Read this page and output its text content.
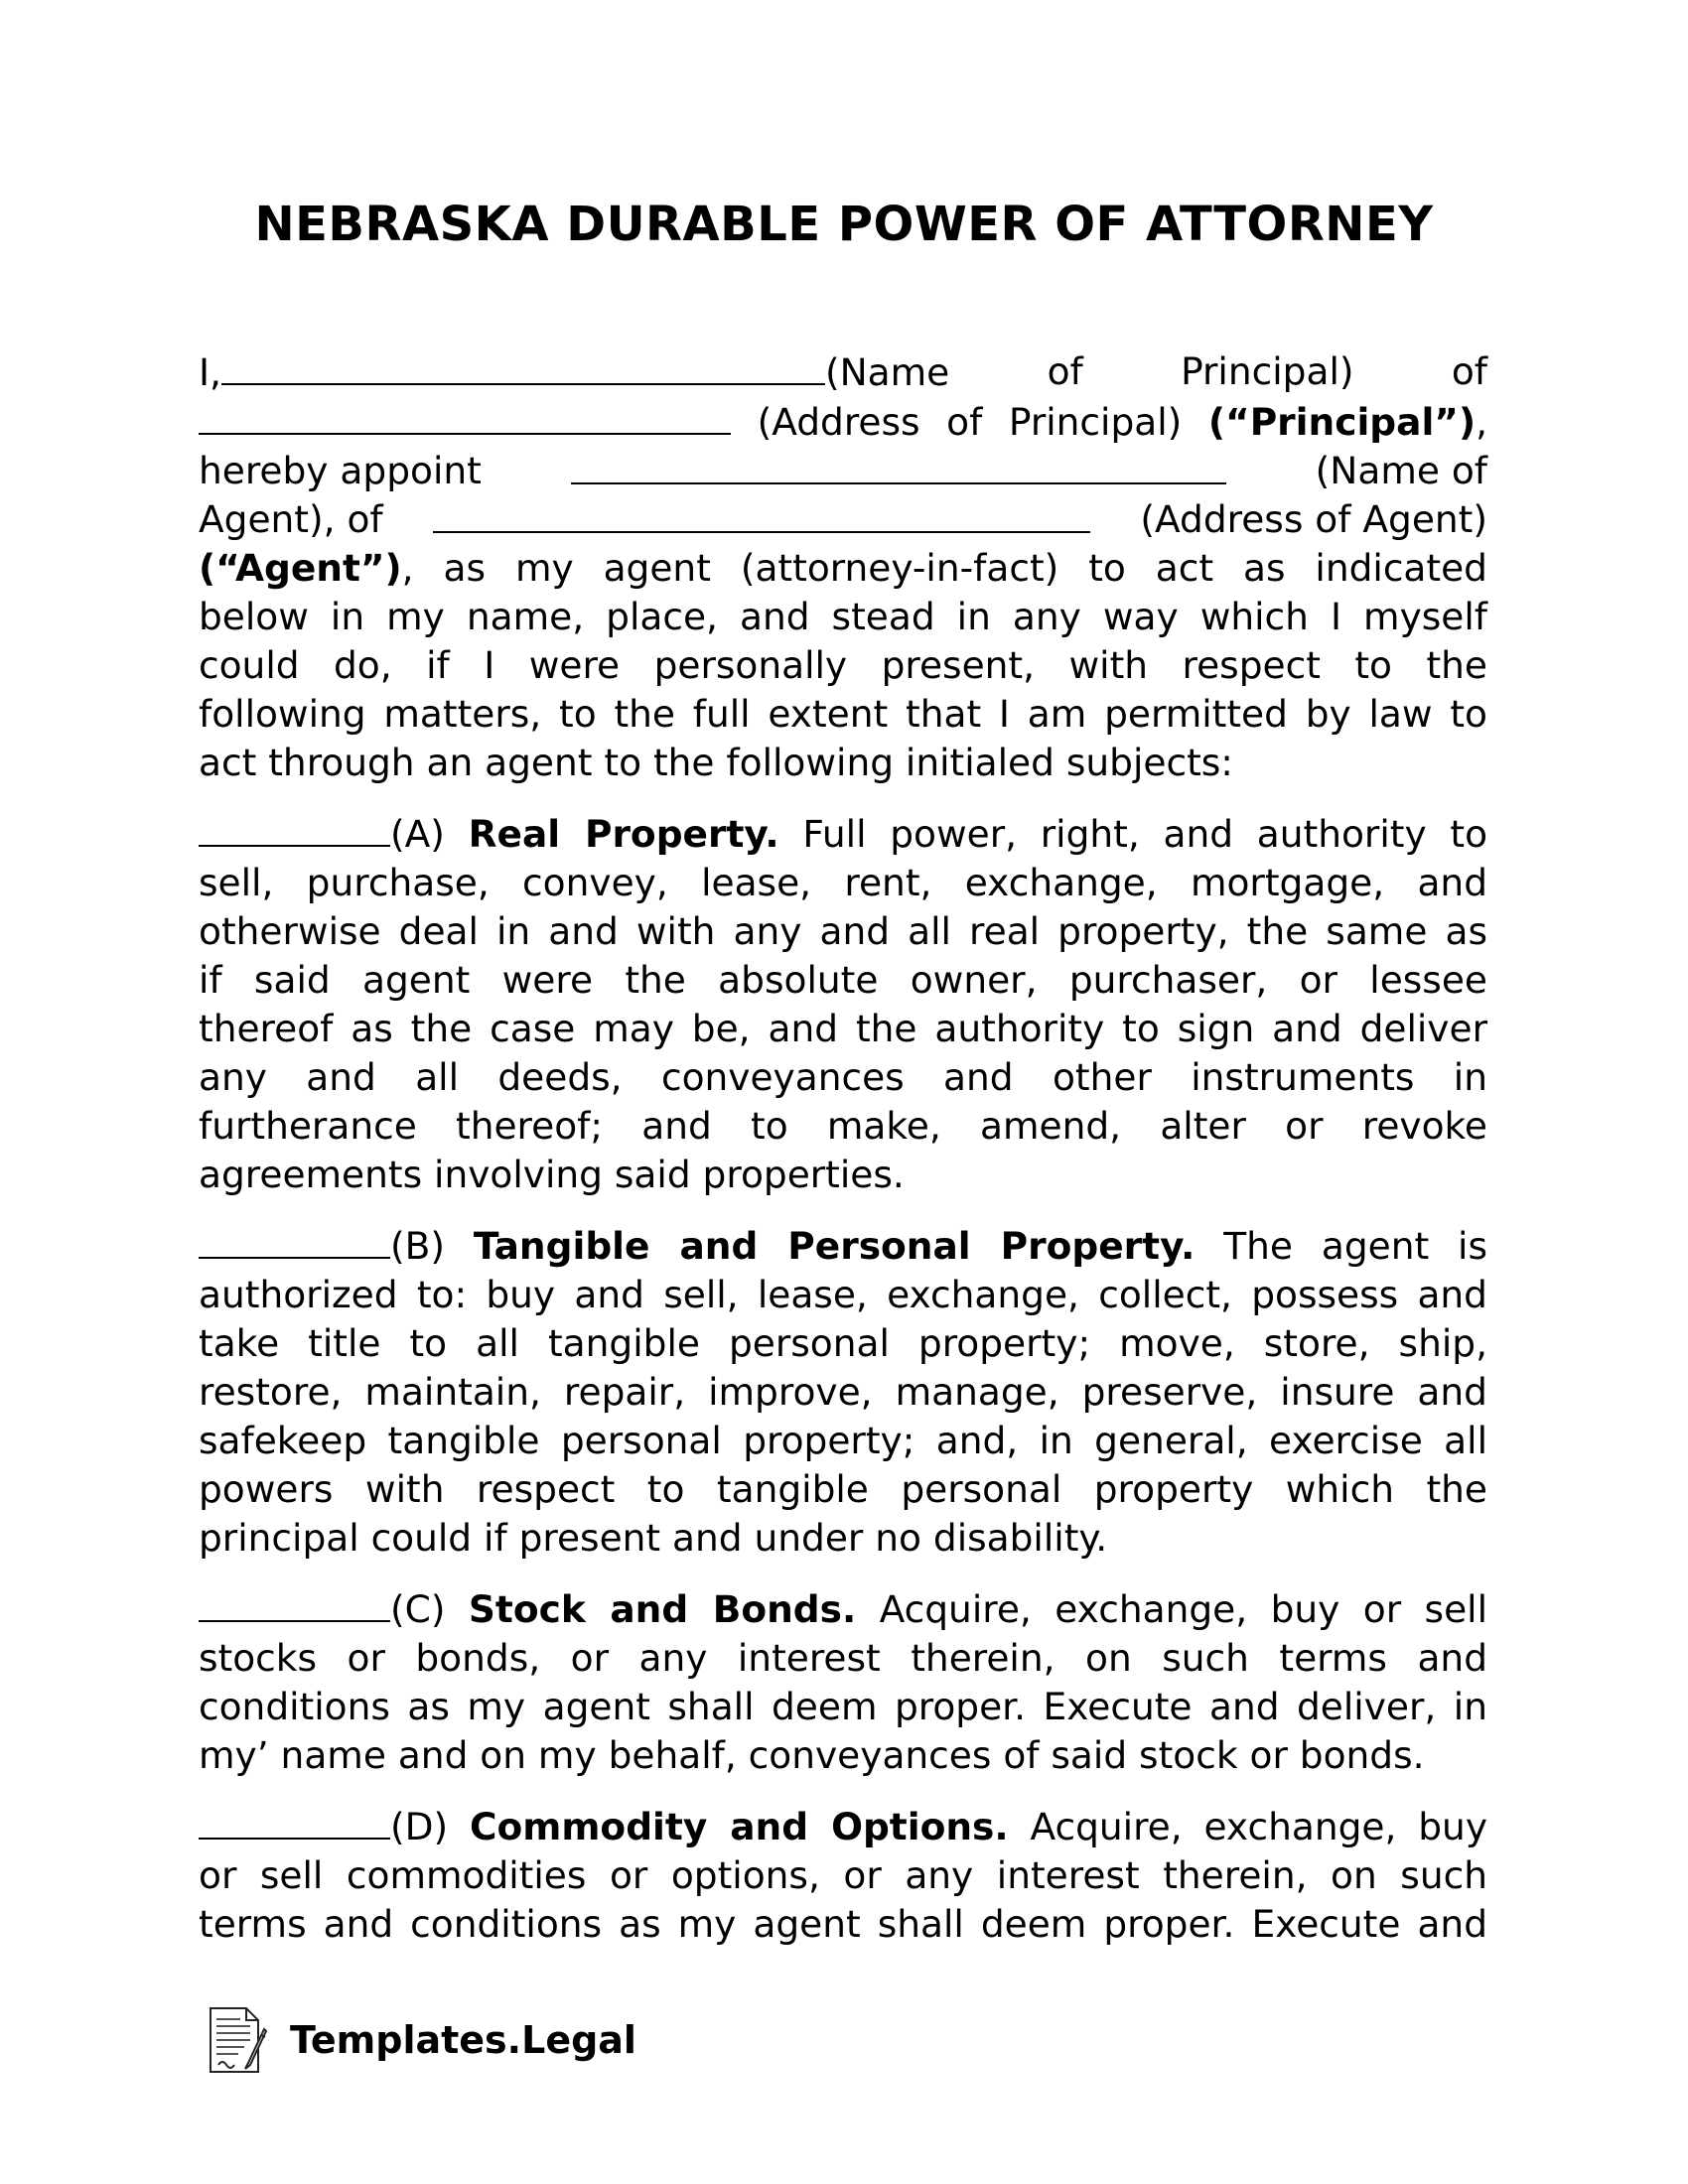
NEBRASKA DURABLE POWER OF ATTORNEY
I,	(Name	of	Principal)	of
(Address of Principal) (“Principal”),
hereby appoint	(Name of
Agent), of	(Address of Agent)
(“Agent”), as my agent (attorney-in-fact) to act as indicated
below in my name, place, and stead in any way which I myself
could do, if I were personally present, with respect to the
following matters, to the full extent that I am permitted by law to
act through an agent to the following initialed subjects:
(A) Real Property. Full power, right, and authority to
sell, purchase, convey, lease, rent, exchange, mortgage, and
otherwise deal in and with any and all real property, the same as
if said agent were the absolute owner, purchaser, or lessee
thereof as the case may be, and the authority to sign and deliver
any and all deeds, conveyances and other instruments in
furtherance thereof; and to make, amend, alter or revoke
agreements involving said properties.
(B) Tangible and Personal Property. The agent is
authorized to: buy and sell, lease, exchange, collect, possess and
take title to all tangible personal property; move, store, ship,
restore, maintain, repair, improve, manage, preserve, insure and
safekeep tangible personal property; and, in general, exercise all
powers with respect to tangible personal property which the
principal could if present and under no disability.
(C) Stock and Bonds. Acquire, exchange, buy or sell
stocks or bonds, or any interest therein, on such terms and
conditions as my agent shall deem proper. Execute and deliver, in
my’ name and on my behalf, conveyances of said stock or bonds.
(D) Commodity and Options. Acquire, exchange, buy
or sell commodities or options, or any interest therein, on such
terms and conditions as my agent shall deem proper. Execute and
Templates.Legal
